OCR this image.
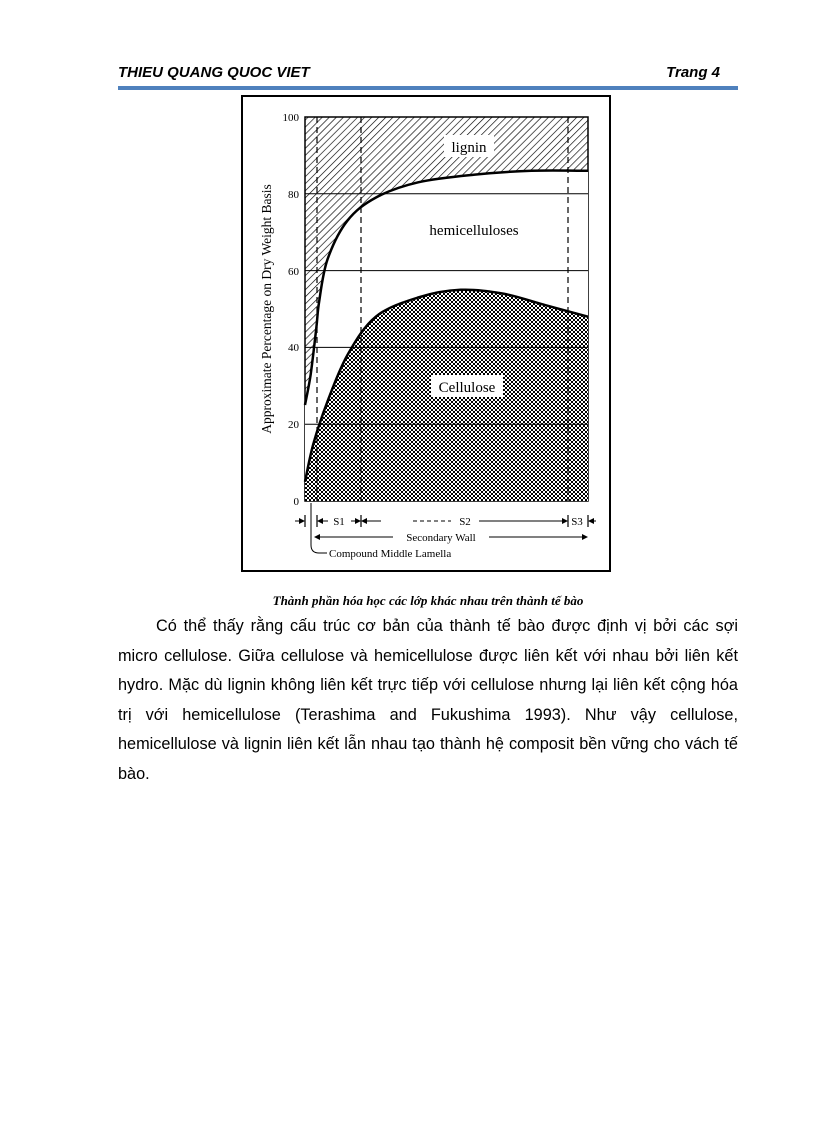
THIEU QUANG QUOC VIET	Trang 4
100
80
60
40
20
0
Approximate Percentage on Dry Weight Basis
lignin
hemicelluloses
Cellulose
S1	S2	S3
Secondary Wall
Compound Middle Lamella
Thành phần hóa học các lớp khác nhau trên thành tế bào

Có thể thấy rằng cấu trúc cơ bản của thành tế bào được định vị bởi các sợi micro cellulose. Giữa cellulose và hemicellulose được liên kết với nhau bởi liên kết hydro. Mặc dù lignin không liên kết trực tiếp với cellulose nhưng lại liên kết cộng hóa trị với hemicellulose (Terashima and Fukushima 1993). Như vậy cellulose, hemicellulose và lignin liên kết lẫn nhau tạo thành hệ composit bền vững cho vách tế bào.
